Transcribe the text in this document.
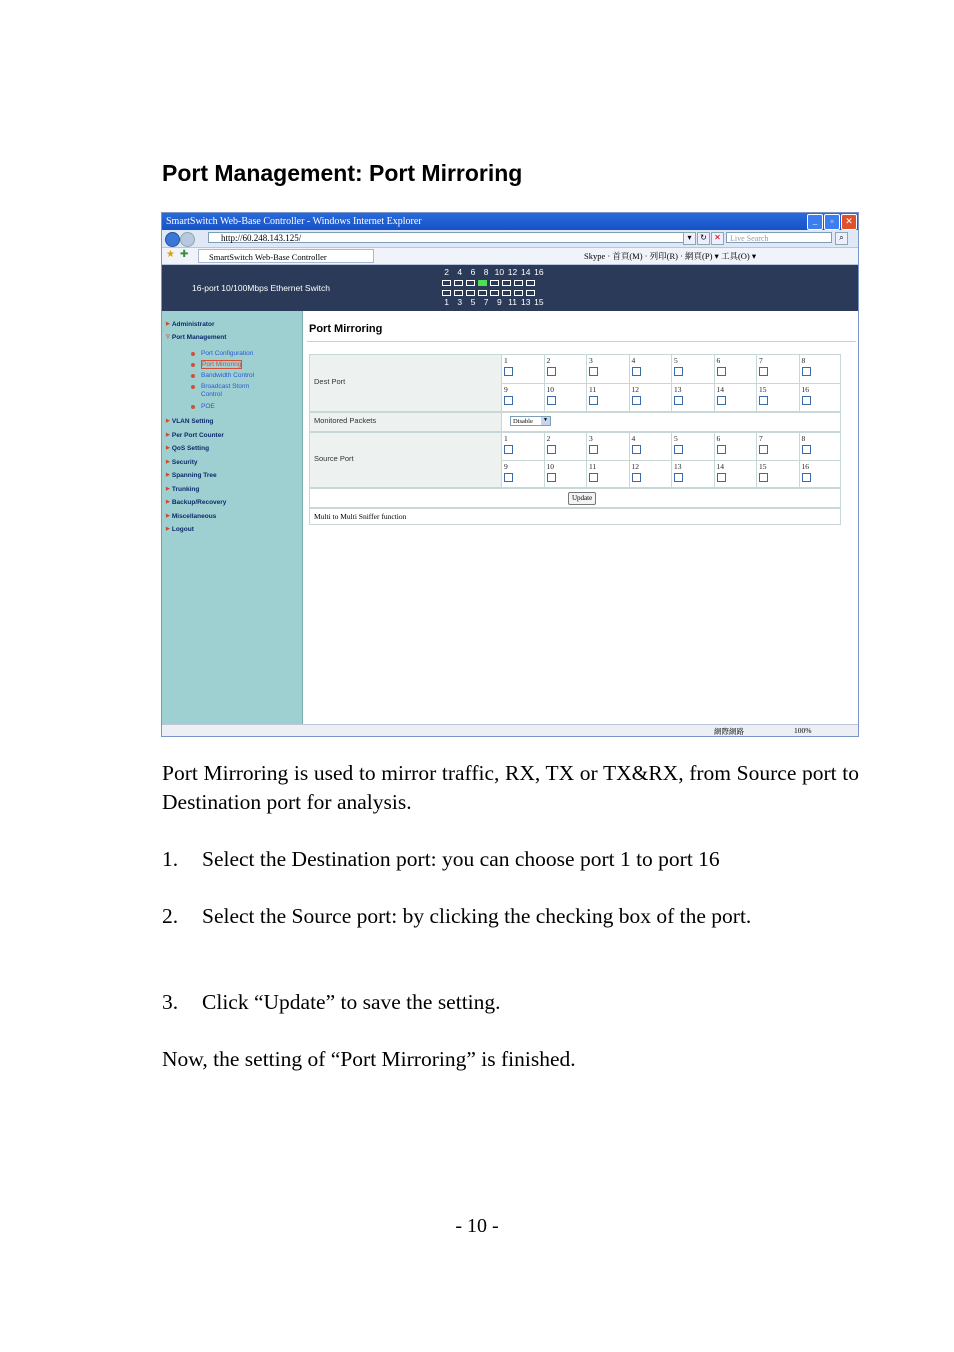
Port Management: Port Mirroring
SmartSwitch Web-Base Controller - Windows Internet Explorer	_	▫	✕
http://60.248.143.125/	▾	↻ ✕	Live Search	⌕
★ ✚	SmartSwitch Web-Base Controller	Skype · 首頁(M) · 列印(R) · 網頁(P) ▾ 工具(O) ▾
16-port 10/100Mbps Ethernet Switch
2 4 6 8 10 12 14 16
1 3 5 7 9 11 13 15
▶ Administrator
▽ Port Management
Port Configuration
Port Mirroring
Bandwidth Control
Broadcast Storm
Control
POE
▶ VLAN Setting
▶ Per Port Counter
▶ QoS Setting
▶ Security
▶ Spanning Tree
▶ Trunking
▶ Backup/Recovery
▶ Miscellaneous
▶ Logout
Port Mirroring
Dest Port
1	2	3	4	5	6	7	8
9	10	11	12	13	14	15	16
Monitored Packets	Disable	▼
Source Port
1	2	3	4	5	6	7	8
9	10	11	12	13	14	15	16
Update
Multi to Multi Sniffer function
網際網路	100%
Port Mirroring is used to mirror traffic, RX, TX or TX&RX, from Source port to Destination port for analysis.
1. Select the Destination port: you can choose port 1 to port 16
2. Select the Source port: by clicking the checking box of the port.
3. Click “Update” to save the setting.
Now, the setting of “Port Mirroring” is finished.
- 10 -
